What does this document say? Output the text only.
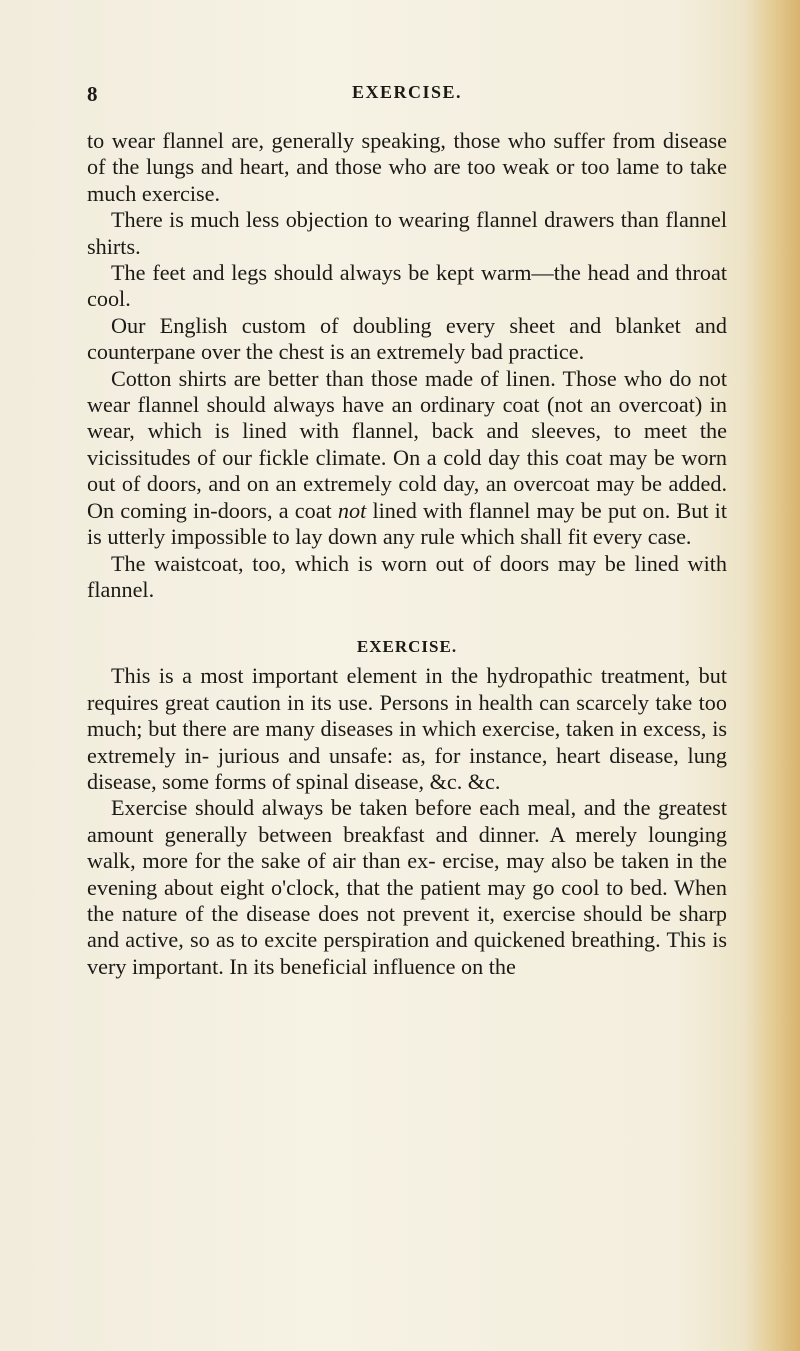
8	EXERCISE.

to wear flannel are, generally speaking, those who suffer from disease of the lungs and heart, and those who are too weak or too lame to take much exercise.

There is much less objection to wearing flannel drawers than flannel shirts.

The feet and legs should always be kept warm—the head and throat cool.

Our English custom of doubling every sheet and blanket and counterpane over the chest is an extremely bad practice.

Cotton shirts are better than those made of linen. Those who do not wear flannel should always have an ordinary coat (not an overcoat) in wear, which is lined with flannel, back and sleeves, to meet the vicissitudes of our fickle climate. On a cold day this coat may be worn out of doors, and on an extremely cold day, an overcoat may be added. On coming in-doors, a coat not lined with flannel may be put on. But it is utterly impossible to lay down any rule which shall fit every case.

The waistcoat, too, which is worn out of doors may be lined with flannel.

EXERCISE.

This is a most important element in the hydropathic treatment, but requires great caution in its use. Persons in health can scarcely take too much; but there are many diseases in which exercise, taken in excess, is extremely in- jurious and unsafe: as, for instance, heart disease, lung disease, some forms of spinal disease, &c. &c.

Exercise should always be taken before each meal, and the greatest amount generally between breakfast and dinner. A merely lounging walk, more for the sake of air than ex- ercise, may also be taken in the evening about eight o'clock, that the patient may go cool to bed. When the nature of the disease does not prevent it, exercise should be sharp and active, so as to excite perspiration and quickened breathing. This is very important. In its beneficial influence on the
